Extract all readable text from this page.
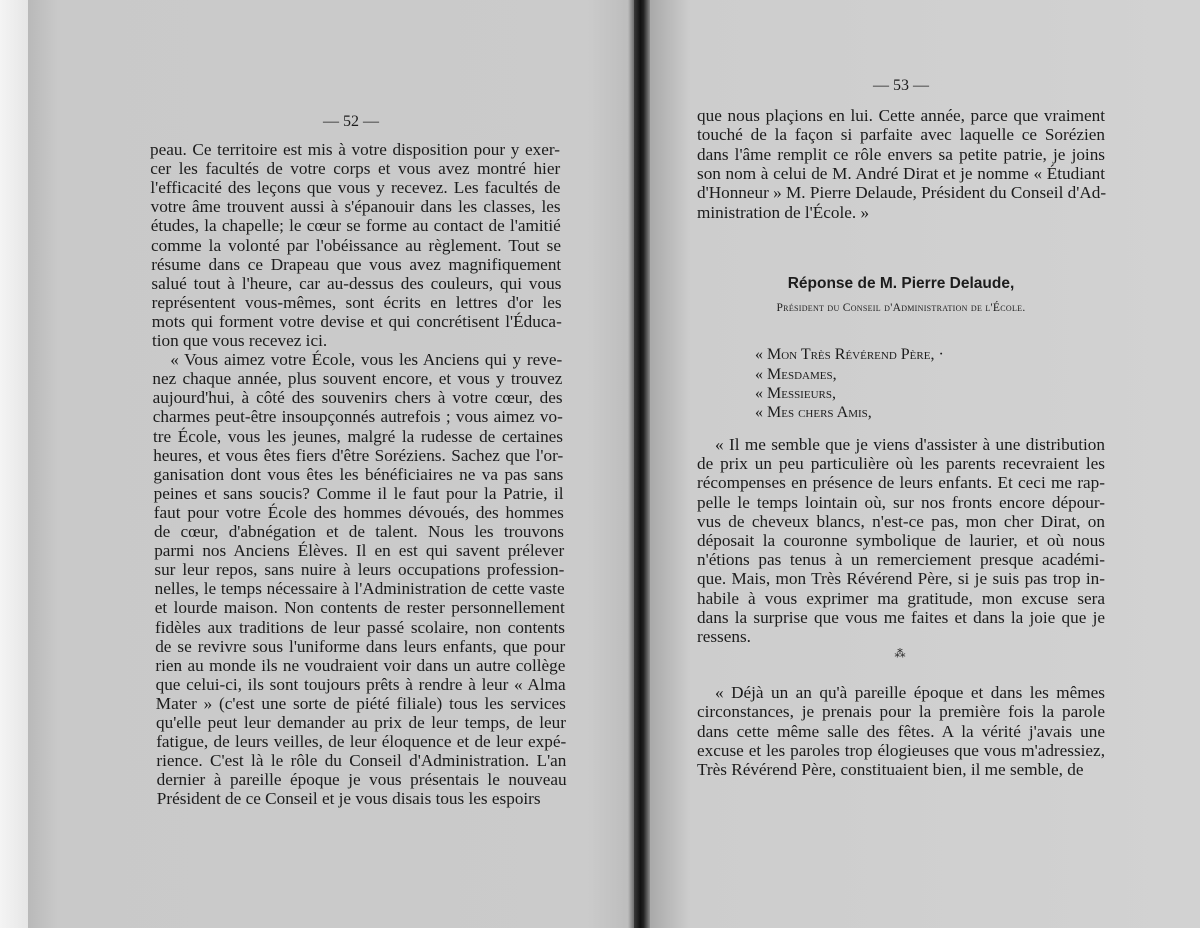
— 52 —
— 53 —
peau. Ce territoire est mis à votre disposition pour y exer-
cer les facultés de votre corps et vous avez montré hier
l'efficacité des leçons que vous y recevez. Les facultés de
votre âme trouvent aussi à s'épanouir dans les classes, les
études, la chapelle; le cœur se forme au contact de l'amitié
comme la volonté par l'obéissance au règlement. Tout se
résume dans ce Drapeau que vous avez magnifiquement
salué tout à l'heure, car au-dessus des couleurs, qui vous
représentent vous-mêmes, sont écrits en lettres d'or les
mots qui forment votre devise et qui concrétisent l'Éduca-
tion que vous recevez ici.
« Vous aimez votre École, vous les Anciens qui y reve-
nez chaque année, plus souvent encore, et vous y trouvez
aujourd'hui, à côté des souvenirs chers à votre cœur, des
charmes peut-être insoupçonnés autrefois ; vous aimez vo-
tre École, vous les jeunes, malgré la rudesse de certaines
heures, et vous êtes fiers d'être Soréziens. Sachez que l'or-
ganisation dont vous êtes les bénéficiaires ne va pas sans
peines et sans soucis? Comme il le faut pour la Patrie, il
faut pour votre École des hommes dévoués, des hommes
de cœur, d'abnégation et de talent. Nous les trouvons
parmi nos Anciens Élèves. Il en est qui savent prélever
sur leur repos, sans nuire à leurs occupations profession-
nelles, le temps nécessaire à l'Administration de cette vaste
et lourde maison. Non contents de rester personnellement
fidèles aux traditions de leur passé scolaire, non contents
de se revivre sous l'uniforme dans leurs enfants, que pour
rien au monde ils ne voudraient voir dans un autre collège
que celui-ci, ils sont toujours prêts à rendre à leur « Alma
Mater » (c'est une sorte de piété filiale) tous les services
qu'elle peut leur demander au prix de leur temps, de leur
fatigue, de leurs veilles, de leur éloquence et de leur expé-
rience. C'est là le rôle du Conseil d'Administration. L'an
dernier à pareille époque je vous présentais le nouveau
Président de ce Conseil et je vous disais tous les espoirs
que nous plaçions en lui. Cette année, parce que vraiment
touché de la façon si parfaite avec laquelle ce Sorézien
dans l'âme remplit ce rôle envers sa petite patrie, je joins
son nom à celui de M. André Dirat et je nomme « Étudiant
d'Honneur » M. Pierre Delaude, Président du Conseil d'Ad-
ministration de l'École. »
Réponse de M. Pierre Delaude,
Président du Conseil d'Administration de l'École.
« Mon Très Révérend Père, ·
« Mesdames,
« Messieurs,
« Mes chers Amis,
« Il me semble que je viens d'assister à une distribution
de prix un peu particulière où les parents recevraient les
récompenses en présence de leurs enfants. Et ceci me rap-
pelle le temps lointain où, sur nos fronts encore dépour-
vus de cheveux blancs, n'est-ce pas, mon cher Dirat, on
déposait la couronne symbolique de laurier, et où nous
n'étions pas tenus à un remerciement presque académi-
que. Mais, mon Très Révérend Père, si je suis pas trop in-
habile à vous exprimer ma gratitude, mon excuse sera
dans la surprise que vous me faites et dans la joie que je
ressens.
⁂
« Déjà un an qu'à pareille époque et dans les mêmes
circonstances, je prenais pour la première fois la parole
dans cette même salle des fêtes. A la vérité j'avais une
excuse et les paroles trop élogieuses que vous m'adressiez,
Très Révérend Père, constituaient bien, il me semble, de
